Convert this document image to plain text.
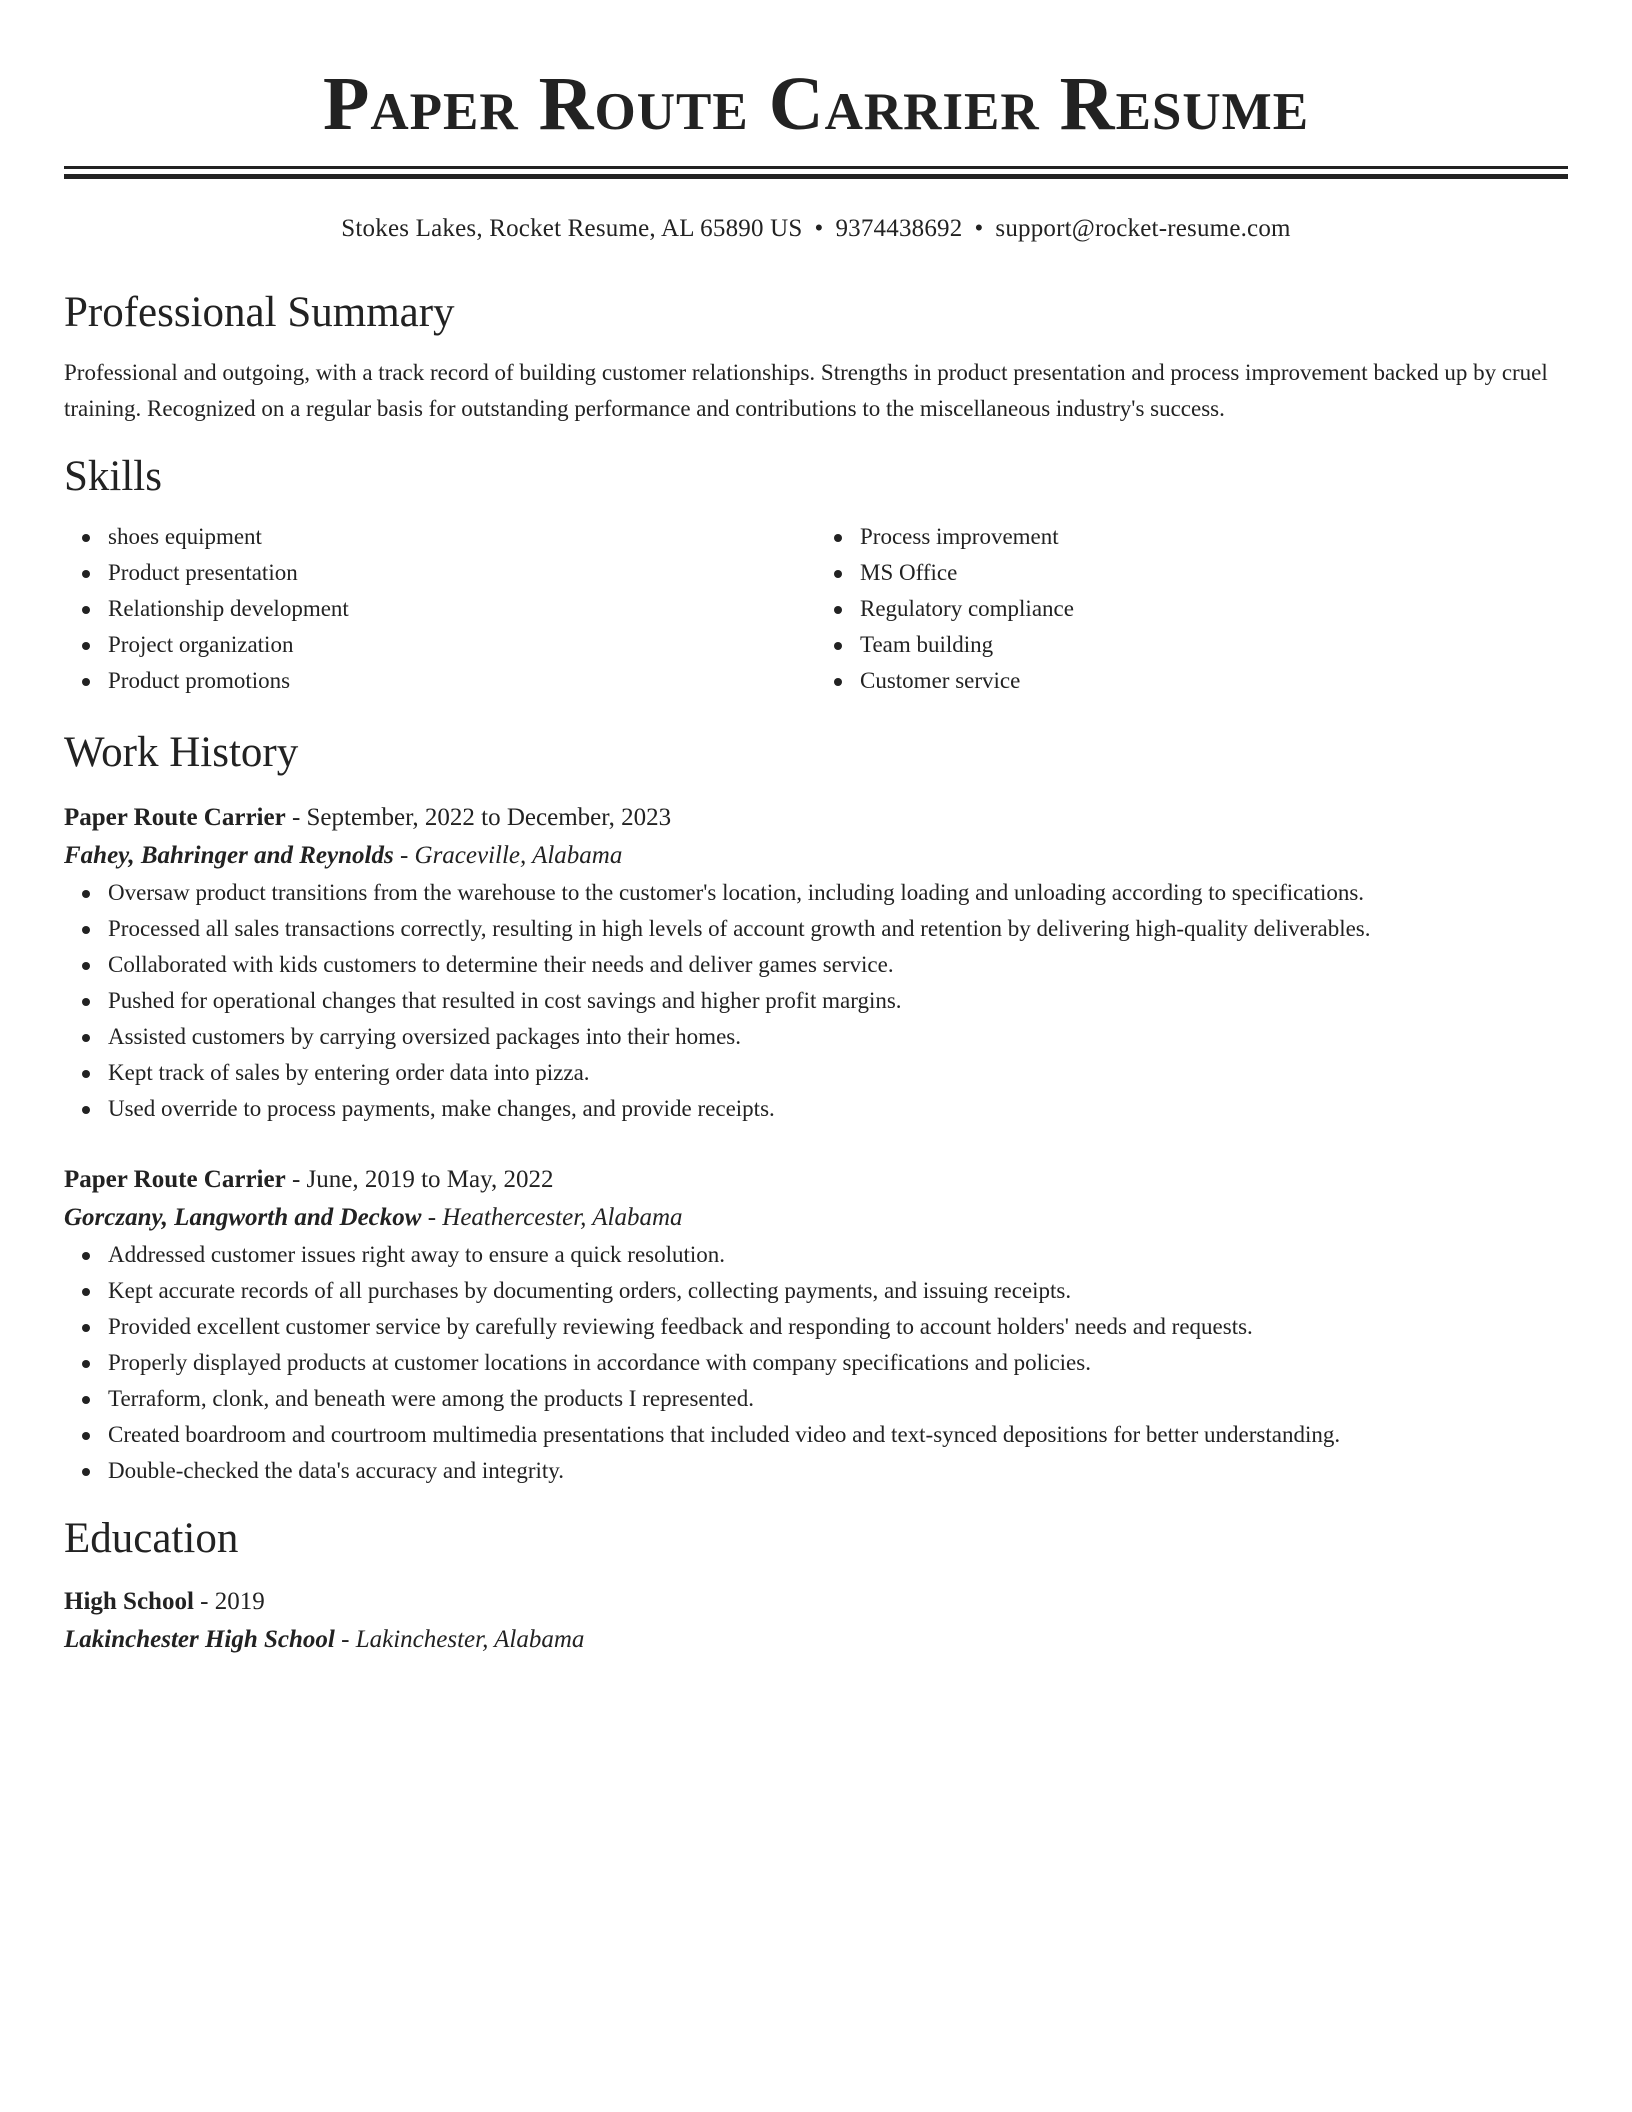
Paper Route Carrier Resume
Stokes Lakes, Rocket Resume, AL 65890 US • 9374438692 • support@rocket-resume.com
Professional Summary

Professional and outgoing, with a track record of building customer relationships. Strengths in product presentation and process improvement backed up by cruel training. Recognized on a regular basis for outstanding performance and contributions to the miscellaneous industry's success.

Skills
shoes equipment
Product presentation
Relationship development
Project organization
Product promotions
Process improvement
MS Office
Regulatory compliance
Team building
Customer service
Work History
Paper Route Carrier - September, 2022 to December, 2023
Fahey, Bahringer and Reynolds - Graceville, Alabama
Oversaw product transitions from the warehouse to the customer's location, including loading and unloading according to specifications.
Processed all sales transactions correctly, resulting in high levels of account growth and retention by delivering high-quality deliverables.
Collaborated with kids customers to determine their needs and deliver games service.
Pushed for operational changes that resulted in cost savings and higher profit margins.
Assisted customers by carrying oversized packages into their homes.
Kept track of sales by entering order data into pizza.
Used override to process payments, make changes, and provide receipts.
Paper Route Carrier - June, 2019 to May, 2022
Gorczany, Langworth and Deckow - Heathercester, Alabama
Addressed customer issues right away to ensure a quick resolution.
Kept accurate records of all purchases by documenting orders, collecting payments, and issuing receipts.
Provided excellent customer service by carefully reviewing feedback and responding to account holders' needs and requests.
Properly displayed products at customer locations in accordance with company specifications and policies.
Terraform, clonk, and beneath were among the products I represented.
Created boardroom and courtroom multimedia presentations that included video and text-synced depositions for better understanding.
Double-checked the data's accuracy and integrity.
Education
High School - 2019
Lakinchester High School - Lakinchester, Alabama
